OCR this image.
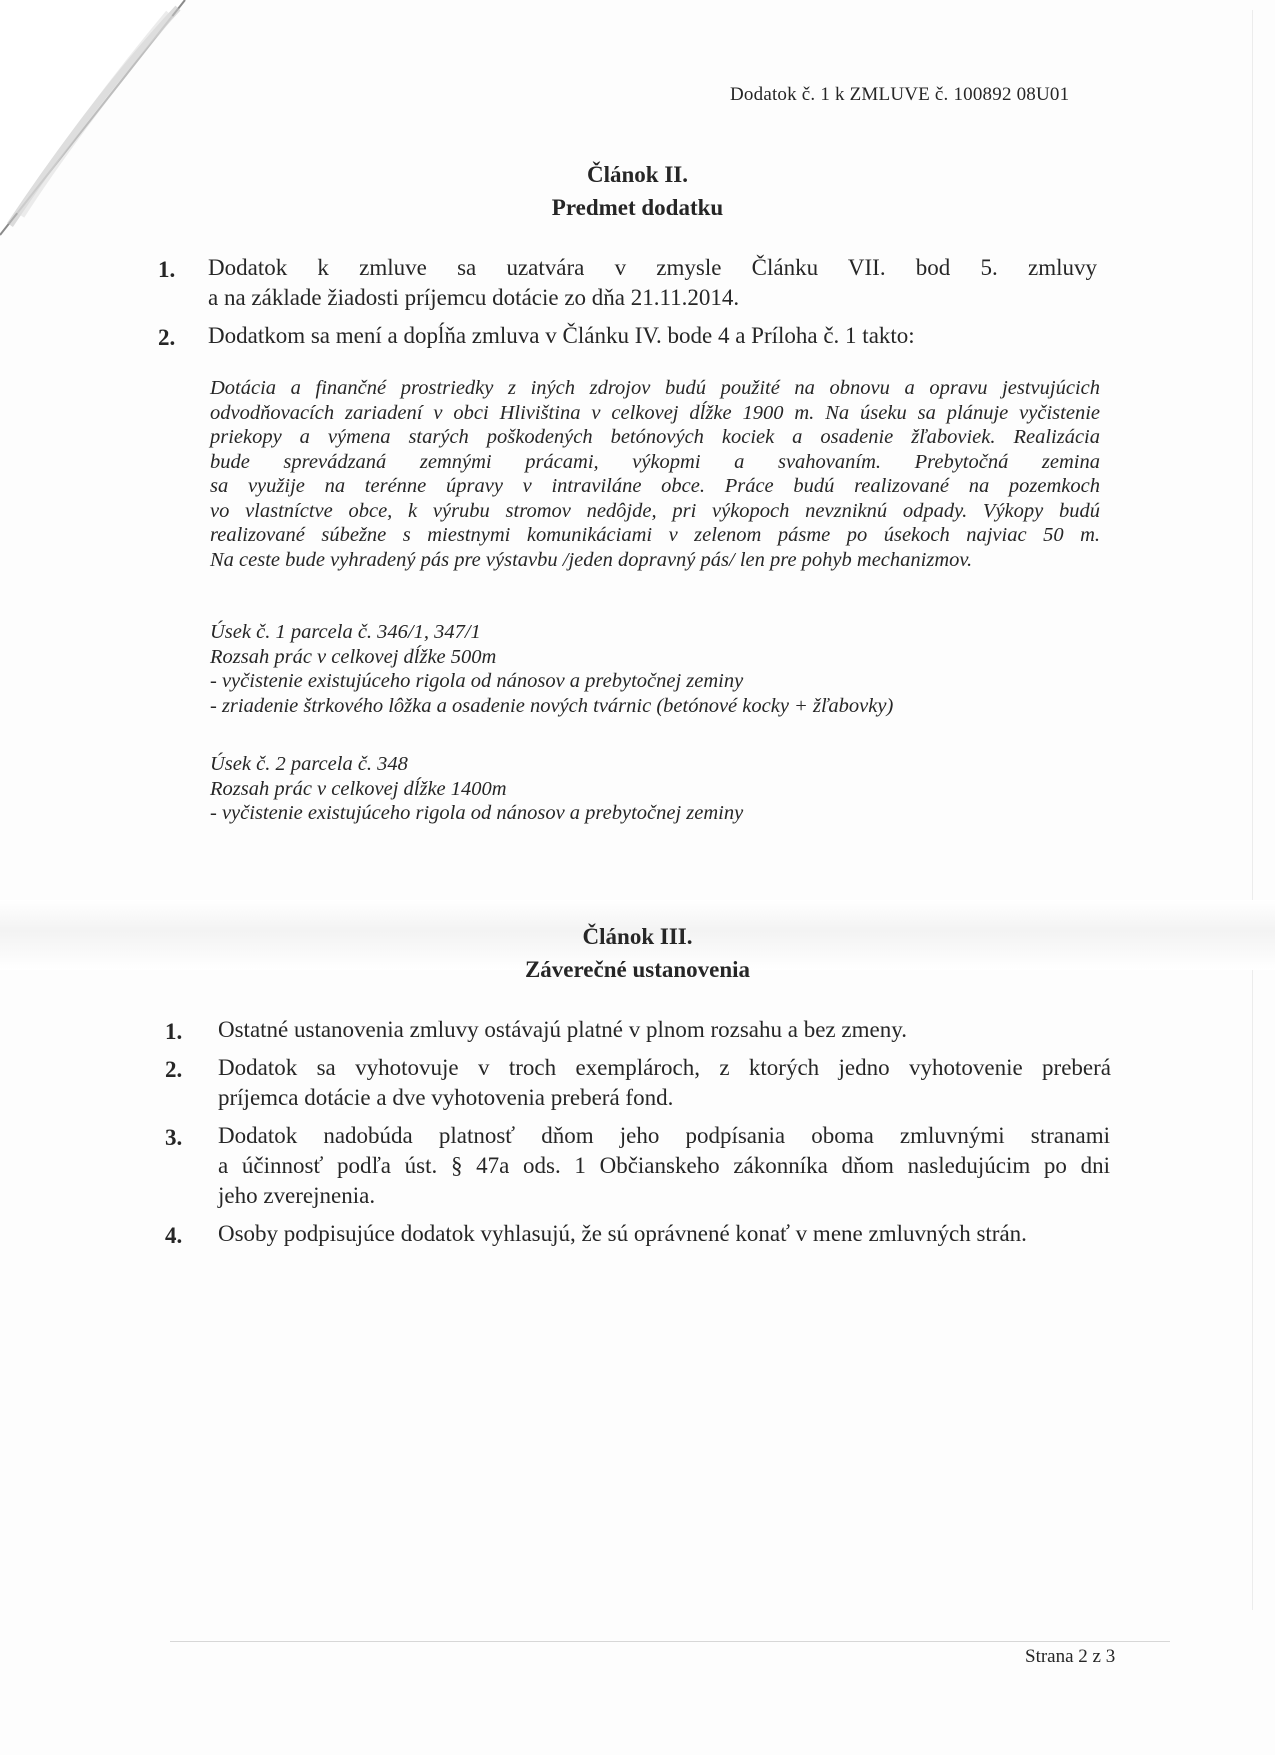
Dodatok č. 1 k ZMLUVE č. 100892 08U01
Článok II.
Predmet dodatku
1. Dodatok k zmluve sa uzatvára v zmysle Článku VII. bod 5. zmluvy
a na základe žiadosti príjemcu dotácie zo dňa 21.11.2014.
2. Dodatkom sa mení a dopĺňa zmluva v Článku IV. bode 4 a Príloha č. 1 takto:
Dotácia a finančné prostriedky z iných zdrojov budú použité na obnovu a opravu jestvujúcich
odvodňovacích zariadení v obci Hliviština v celkovej dĺžke 1900 m. Na úseku sa plánuje vyčistenie
priekopy a výmena starých poškodených betónových kociek a osadenie žľaboviek. Realizácia
bude sprevádzaná zemnými prácami, výkopmi a svahovaním. Prebytočná zemina
sa využije na terénne úpravy v intraviláne obce. Práce budú realizované na pozemkoch
vo vlastníctve obce, k výrubu stromov nedôjde, pri výkopoch nevzniknú odpady. Výkopy budú
realizované súbežne s miestnymi komunikáciami v zelenom pásme po úsekoch najviac 50 m.
Na ceste bude vyhradený pás pre výstavbu /jeden dopravný pás/ len pre pohyb mechanizmov.
Úsek č. 1 parcela č. 346/1, 347/1
Rozsah prác v celkovej dĺžke 500m
- vyčistenie existujúceho rigola od nánosov a prebytočnej zeminy
- zriadenie štrkového lôžka a osadenie nových tvárnic (betónové kocky + žľabovky)
Úsek č. 2 parcela č. 348
Rozsah prác v celkovej dĺžke 1400m
- vyčistenie existujúceho rigola od nánosov a prebytočnej zeminy
Článok III.
Záverečné ustanovenia
1. Ostatné ustanovenia zmluvy ostávajú platné v plnom rozsahu a bez zmeny.
2. Dodatok sa vyhotovuje v troch exemplároch, z ktorých jedno vyhotovenie preberá
príjemca dotácie a dve vyhotovenia preberá fond.
3. Dodatok nadobúda platnosť dňom jeho podpísania oboma zmluvnými stranami
a účinnosť podľa úst. § 47a ods. 1 Občianskeho zákonníka dňom nasledujúcim po dni
jeho zverejnenia.
4. Osoby podpisujúce dodatok vyhlasujú, že sú oprávnené konať v mene zmluvných strán.
Strana 2 z 3
